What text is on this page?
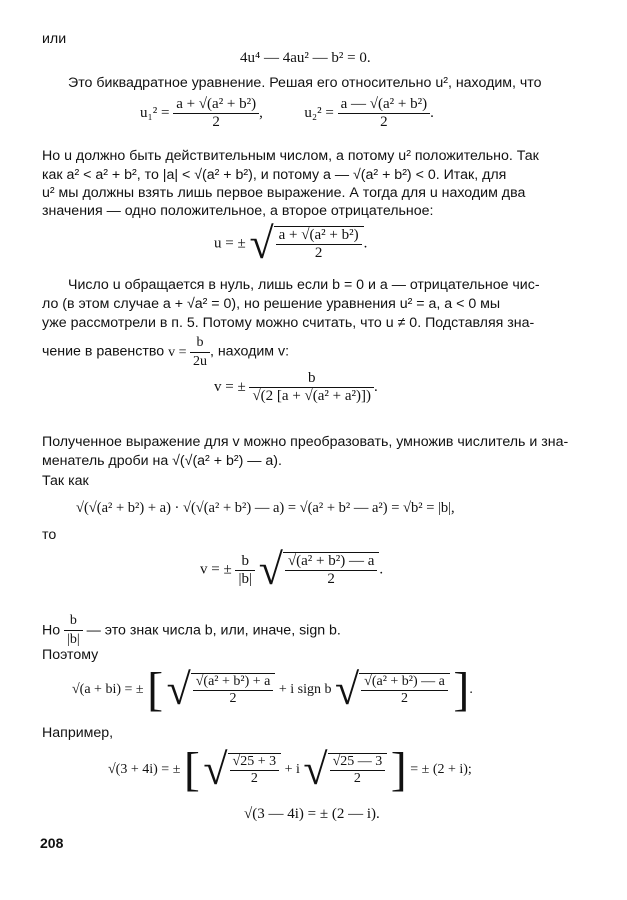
или
4u⁴ — 4au² — b² = 0.
Это биквадратное уравнение. Решая его относительно u², находим, что
$u_1^2 = \frac{\text{a + √(a² + b²)}}{2}$ ,	$u_2^2 = \frac{\text{a — √(a² + b²)}}{2}$ .
Но u должно быть действительным числом, а потому u² положительно. Так
как a² < a² + b², то |a| < √(a² + b²), и потому a — √(a² + b²) < 0. Итак, для
u² мы должны взять лишь первое выражение. А тогда для u находим два
значения — одно положительное, а второе отрицательное:
u = ± √ $\frac{\text{a + √(a² + b²)}}{2}$ .
Число u обращается в нуль, лишь если b = 0 и a — отрицательное чис-
ло (в этом случае a + √a² = 0), но решение уравнения u² = a, a < 0 мы
уже рассмотрели в п. 5. Потому можно считать, что u ≠ 0. Подставляя зна-
чение в равенство $v = \frac{b}{2u}$ , находим v:
v = ± $\frac{b}{\text{√(2 [a + √(a² + a²)])}}$ .
Полученное выражение для v можно преобразовать, умножив числитель и зна-
менатель дроби на √(√(a² + b²) — a).
Так как
√(√(a² + b²) + a) · √(√(a² + b²) — a) = √(a² + b² — a²) = √b² = |b|,
то
v = ± $\frac{b}{|b|}$ √ $\frac{\text{√(a² + b²) — a}}{2}$ .
Но $\frac{b}{|b|}$ — это знак числа b, или, иначе, sign b.
Поэтому
√(a + bi) = ± [ √ $\frac{\text{√(a² + b²) + a}}{2} + i$ sign b √ $\frac{\text{√(a² + b²) — a}}{2}$ ].
Например,
√(3 + 4i) = ± [ √ $\frac{√25 + 3}{2} + i$ √ $\frac{√25 — 3}{2}$ ] = ± (2 + i);
√(3 — 4i) = ± (2 — i).
208
